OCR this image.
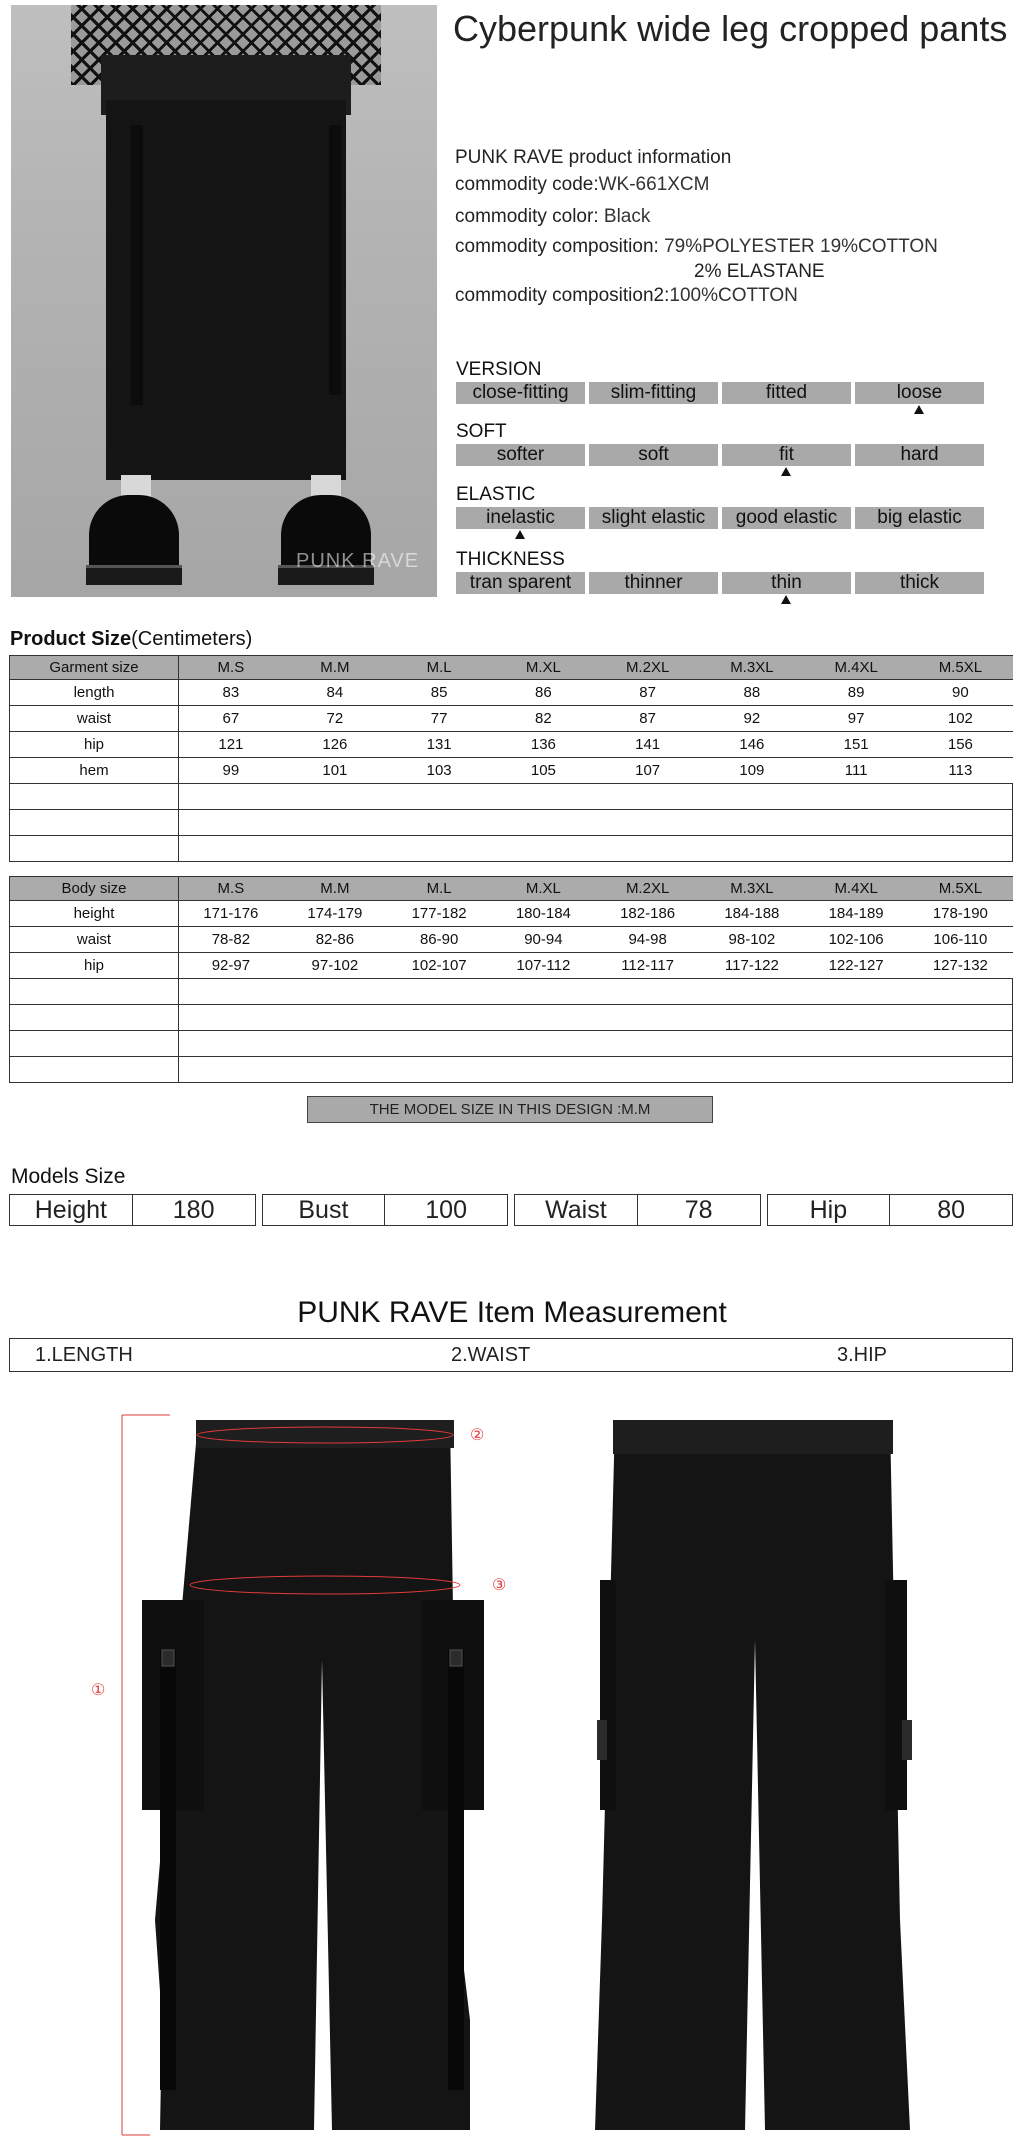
PUNK RAVE
Cyberpunk wide leg cropped pants
PUNK RAVE product information
commodity code:WK-661XCM
commodity color: Black
commodity composition: 79%POLYESTER 19%COTTON
2% ELASTANE
commodity composition2:100%COTTON
VERSION
close-fitting	slim-fitting	fitted	loose
SOFT
softer	soft	fit	hard
ELASTIC
inelastic	slight elastic	good elastic	big elastic
THICKNESS
tran sparent	thinner	thin	thick
Product Size(Centimeters)
Garment size	M.S	M.M	M.L	M.XL	M.2XL	M.3XL	M.4XL	M.5XL
length	83	84	85	86	87	88	89	90
waist	67	72	77	82	87	92	97	102
hip	121	126	131	136	141	146	151	156
hem	99	101	103	105	107	109	111	113

Body size	M.S	M.M	M.L	M.XL	M.2XL	M.3XL	M.4XL	M.5XL
height	171-176	174-179	177-182	180-184	182-186	184-188	184-189	178-190
waist	78-82	82-86	86-90	90-94	94-98	98-102	102-106	106-110
hip	92-97	97-102	102-107	107-112	112-117	117-122	122-127	127-132

THE MODEL SIZE IN THIS DESIGN :M.M
Models Size
Height	180	Bust	100	Waist	78	Hip	80
PUNK RAVE Item Measurement
1.LENGTH	2.WAIST	3.HIP
①
②
③
